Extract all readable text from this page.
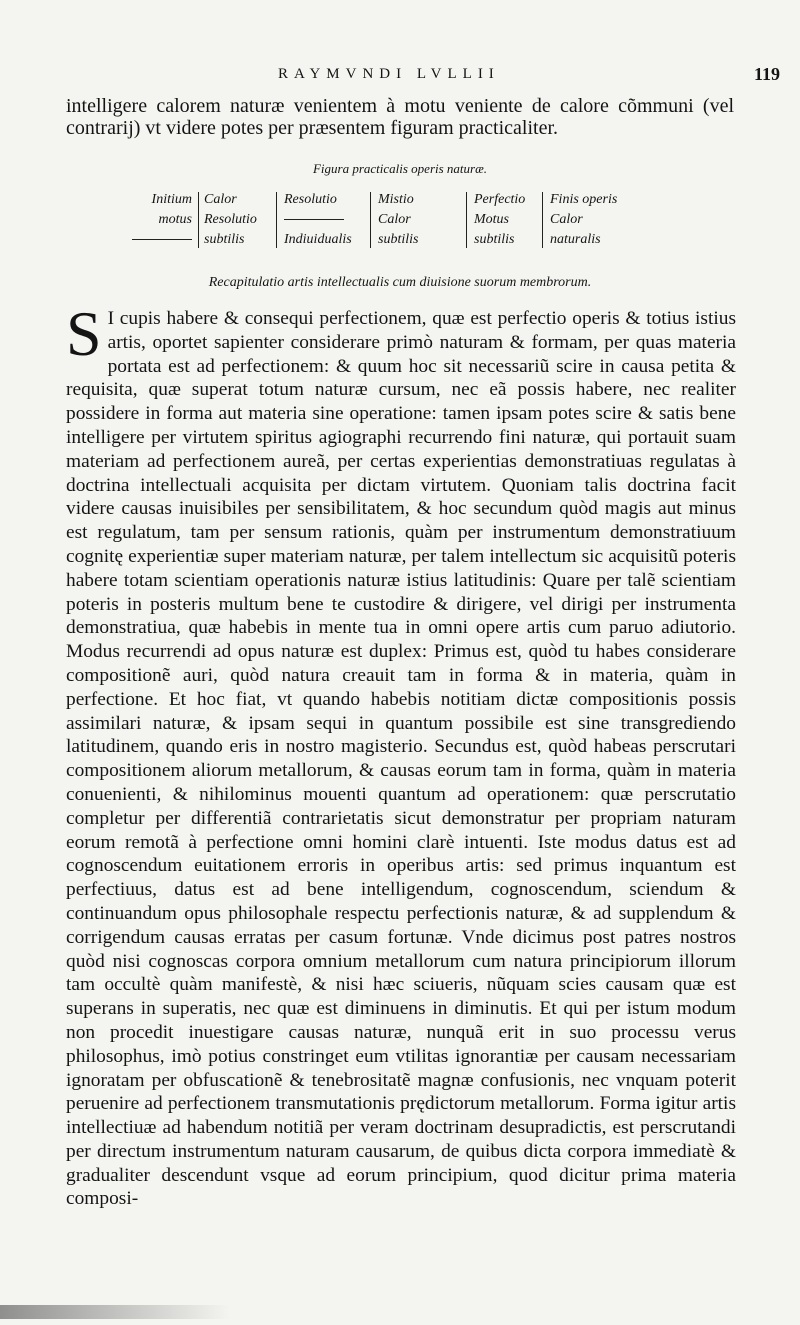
RAYMVNDI LVLLII	119
intelligere calorem naturæ venientem à motu veniente de calore cõmmuni (vel contrarij) vt videre potes per præsentem figuram practicaliter.
Figura practicalis operis naturæ.
Initium
motus
Calor
Resolutio
subtilis
Resolutio
Indiuidualis
Mistio
Calor
subtilis
Perfectio
Motus
subtilis
Finis operis
Calor
naturalis
Recapitulatio artis intellectualis cum diuisione suorum membrorum.
S I cupis habere & consequi perfectionem, quæ est perfectio operis & totius istius artis, oportet sapienter considerare primò naturam & formam, per quas materia portata est ad perfectionem: & quum hoc sit necessariũ scire in causa petita & requisita, quæ superat totum naturæ cursum, nec eã possis habere, nec realiter possidere in forma aut materia sine operatione: tamen ipsam potes scire & satis bene intelligere per virtutem spiritus agiographi recurrendo fini naturæ, qui portauit suam materiam ad perfectionem aureã, per certas experientias demonstratiuas regulatas à doctrina intellectuali acquisita per dictam virtutem. Quoniam talis doctrina facit videre causas inuisibiles per sensibilitatem, & hoc secundum quòd magis aut minus est regulatum, tam per sensum rationis, quàm per instrumentum demonstratiuum cognitę experientiæ super materiam naturæ, per talem intellectum sic acquisitũ poteris habere totam scientiam operationis naturæ istius latitudinis: Quare per talẽ scientiam poteris in posteris multum bene te custodire & dirigere, vel dirigi per instrumenta demonstratiua, quæ habebis in mente tua in omni opere artis cum paruo adiutorio. Modus recurrendi ad opus naturæ est duplex: Primus est, quòd tu habes considerare compositionẽ auri, quòd natura creauit tam in forma & in materia, quàm in perfectione. Et hoc fiat, vt quando habebis notitiam dictæ compositionis possis assimilari naturæ, & ipsam sequi in quantum possibile est sine transgrediendo latitudinem, quando eris in nostro magisterio. Secundus est, quòd habeas perscrutari compositionem aliorum metallorum, & causas eorum tam in forma, quàm in materia conuenienti, & nihilominus mouenti quantum ad operationem: quæ perscrutatio completur per differentiã contrarietatis sicut demonstratur per propriam naturam eorum remotã à perfectione omni homini clarè intuenti. Iste modus datus est ad cognoscendum euitationem erroris in operibus artis: sed primus inquantum est perfectiuus, datus est ad bene intelligendum, cognoscendum, sciendum & continuandum opus philosophale respectu perfectionis naturæ, & ad supplendum & corrigendum causas erratas per casum fortunæ. Vnde dicimus post patres nostros quòd nisi cognoscas corpora omnium metallorum cum natura principiorum illorum tam occultè quàm manifestè, & nisi hæc sciueris, nũquam scies causam quæ est superans in superatis, nec quæ est diminuens in diminutis. Et qui per istum modum non procedit inuestigare causas naturæ, nunquã erit in suo processu verus philosophus, imò potius constringet eum vtilitas ignorantiæ per causam necessariam ignoratam per obfuscationẽ & tenebrositatẽ magnæ confusionis, nec vnquam poterit peruenire ad perfectionem transmutationis prędictorum metallorum. Forma igitur artis intellectiuæ ad habendum notitiã per veram doctrinam desupradictis, est perscrutandi per directum instrumentum naturam causarum, de quibus dicta corpora immediatè & gradualiter descendunt vsque ad eorum principium, quod dicitur prima materia composi-
